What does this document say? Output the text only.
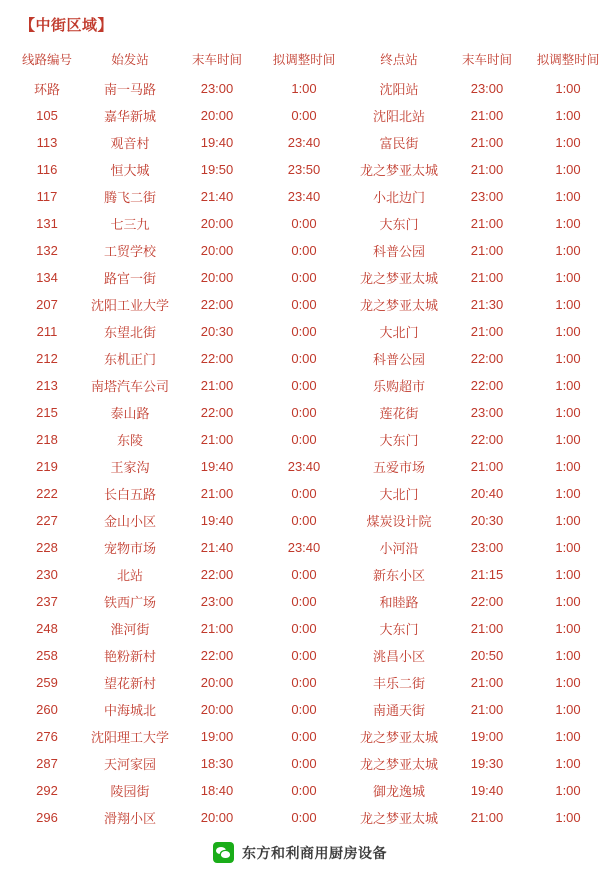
【中街区域】
线路编号	始发站	末车时间	拟调整时间	终点站	末车时间	拟调整时间
环路	南一马路	23:00	1:00	沈阳站	23:00	1:00
105	嘉华新城	20:00	0:00	沈阳北站	21:00	1:00
113	观音村	19:40	23:40	富民街	21:00	1:00
116	恒大城	19:50	23:50	龙之梦亚太城	21:00	1:00
117	腾飞二街	21:40	23:40	小北边门	23:00	1:00
131	七三九	20:00	0:00	大东门	21:00	1:00
132	工贸学校	20:00	0:00	科普公园	21:00	1:00
134	路官一街	20:00	0:00	龙之梦亚太城	21:00	1:00
207	沈阳工业大学	22:00	0:00	龙之梦亚太城	21:30	1:00
211	东望北街	20:30	0:00	大北门	21:00	1:00
212	东机正门	22:00	0:00	科普公园	22:00	1:00
213	南塔汽车公司	21:00	0:00	乐购超市	22:00	1:00
215	泰山路	22:00	0:00	莲花街	23:00	1:00
218	东陵	21:00	0:00	大东门	22:00	1:00
219	王家沟	19:40	23:40	五爱市场	21:00	1:00
222	长白五路	21:00	0:00	大北门	20:40	1:00
227	金山小区	19:40	0:00	煤炭设计院	20:30	1:00
228	宠物市场	21:40	23:40	小河沿	23:00	1:00
230	北站	22:00	0:00	新东小区	21:15	1:00
237	铁西广场	23:00	0:00	和睦路	22:00	1:00
248	淮河街	21:00	0:00	大东门	21:00	1:00
258	艳粉新村	22:00	0:00	洮昌小区	20:50	1:00
259	望花新村	20:00	0:00	丰乐二街	21:00	1:00
260	中海城北	20:00	0:00	南通天街	21:00	1:00
276	沈阳理工大学	19:00	0:00	龙之梦亚太城	19:00	1:00
287	天河家园	18:30	0:00	龙之梦亚太城	19:30	1:00
292	陵园街	18:40	0:00	御龙逸城	19:40	1:00
296	滑翔小区	20:00	0:00	龙之梦亚太城	21:00	1:00
东方和利商用厨房设备
